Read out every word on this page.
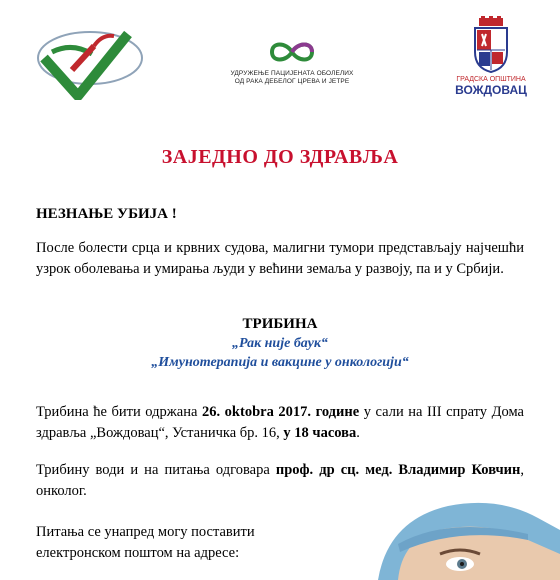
УДРУЖЕЊЕ ПАЦИЈЕНАТА ОБОЛЕЛИХ
ОД РАКА ДЕБЕЛОГ ЦРЕВА И ЈЕТРЕ	ГРАДСКА ОПШТИНА
ВОЖДОВАЦ
ЗАЈЕДНО ДО ЗДРАВЉА
НЕЗНАЊЕ УБИЈА !
После болести срца и крвних судова, малигни тумори представљају најчешћи узрок оболевања и умирања људи у већини земаља у развоју, па и у Србији.
ТРИБИНА
„Рак није баук“
„Имунотерапија и вакцине у онкологији“
Трибина ће бити одржана 26. oktobra 2017. године у сали на III спрату Дома здравља „Вождовац“, Устаничка бр. 16, у 18 часова.
Трибину води и на питања одговара проф. др сц. мед. Владимир Ковчин, онколог.
Питања се унапред могу поставити електронском поштом на адресе:
